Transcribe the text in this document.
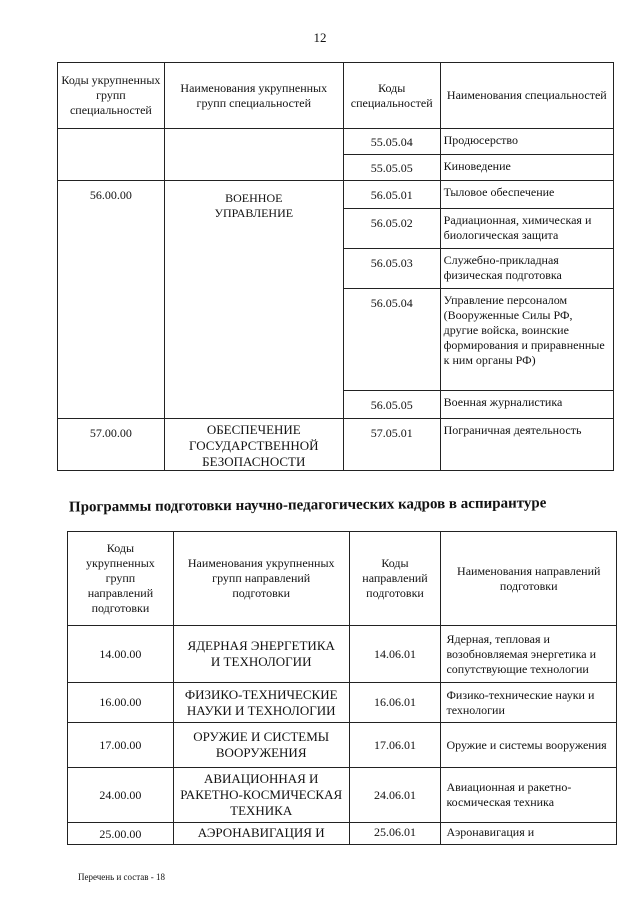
12
Коды укрупненных групп специальностей	Наименования укрупненных групп специальностей	Коды специальностей	Наименования специальностей
		55.05.04	Продюсерство
		55.05.05	Киноведение
56.00.00	ВОЕННОЕ УПРАВЛЕНИЕ	56.05.01	Тыловое обеспечение
		56.05.02	Радиационная, химическая и биологическая защита
		56.05.03	Служебно-прикладная физическая подготовка
		56.05.04	Управление персоналом (Вооруженные Силы РФ, другие войска, воинские формирования и приравненные к ним органы РФ)
		56.05.05	Военная журналистика
57.00.00	ОБЕСПЕЧЕНИЕ ГОСУДАРСТВЕННОЙ БЕЗОПАСНОСТИ	57.05.01	Пограничная деятельность
Программы подготовки научно-педагогических кадров в аспирантуре
Коды укрупненных групп направлений подготовки	Наименования укрупненных групп направлений подготовки	Коды направлений подготовки	Наименования направлений подготовки
14.00.00	ЯДЕРНАЯ ЭНЕРГЕТИКА И ТЕХНОЛОГИИ	14.06.01	Ядерная, тепловая и возобновляемая энергетика и сопутствующие технологии
16.00.00	ФИЗИКО-ТЕХНИЧЕСКИЕ НАУКИ И ТЕХНОЛОГИИ	16.06.01	Физико-технические науки и технологии
17.00.00	ОРУЖИЕ И СИСТЕМЫ ВООРУЖЕНИЯ	17.06.01	Оружие и системы вооружения
24.00.00	АВИАЦИОННАЯ И РАКЕТНО-КОСМИЧЕСКАЯ ТЕХНИКА	24.06.01	Авиационная и ракетно-космическая техника
25.00.00	АЭРОНАВИГАЦИЯ И	25.06.01	Аэронавигация и
Перечень и состав - 18
